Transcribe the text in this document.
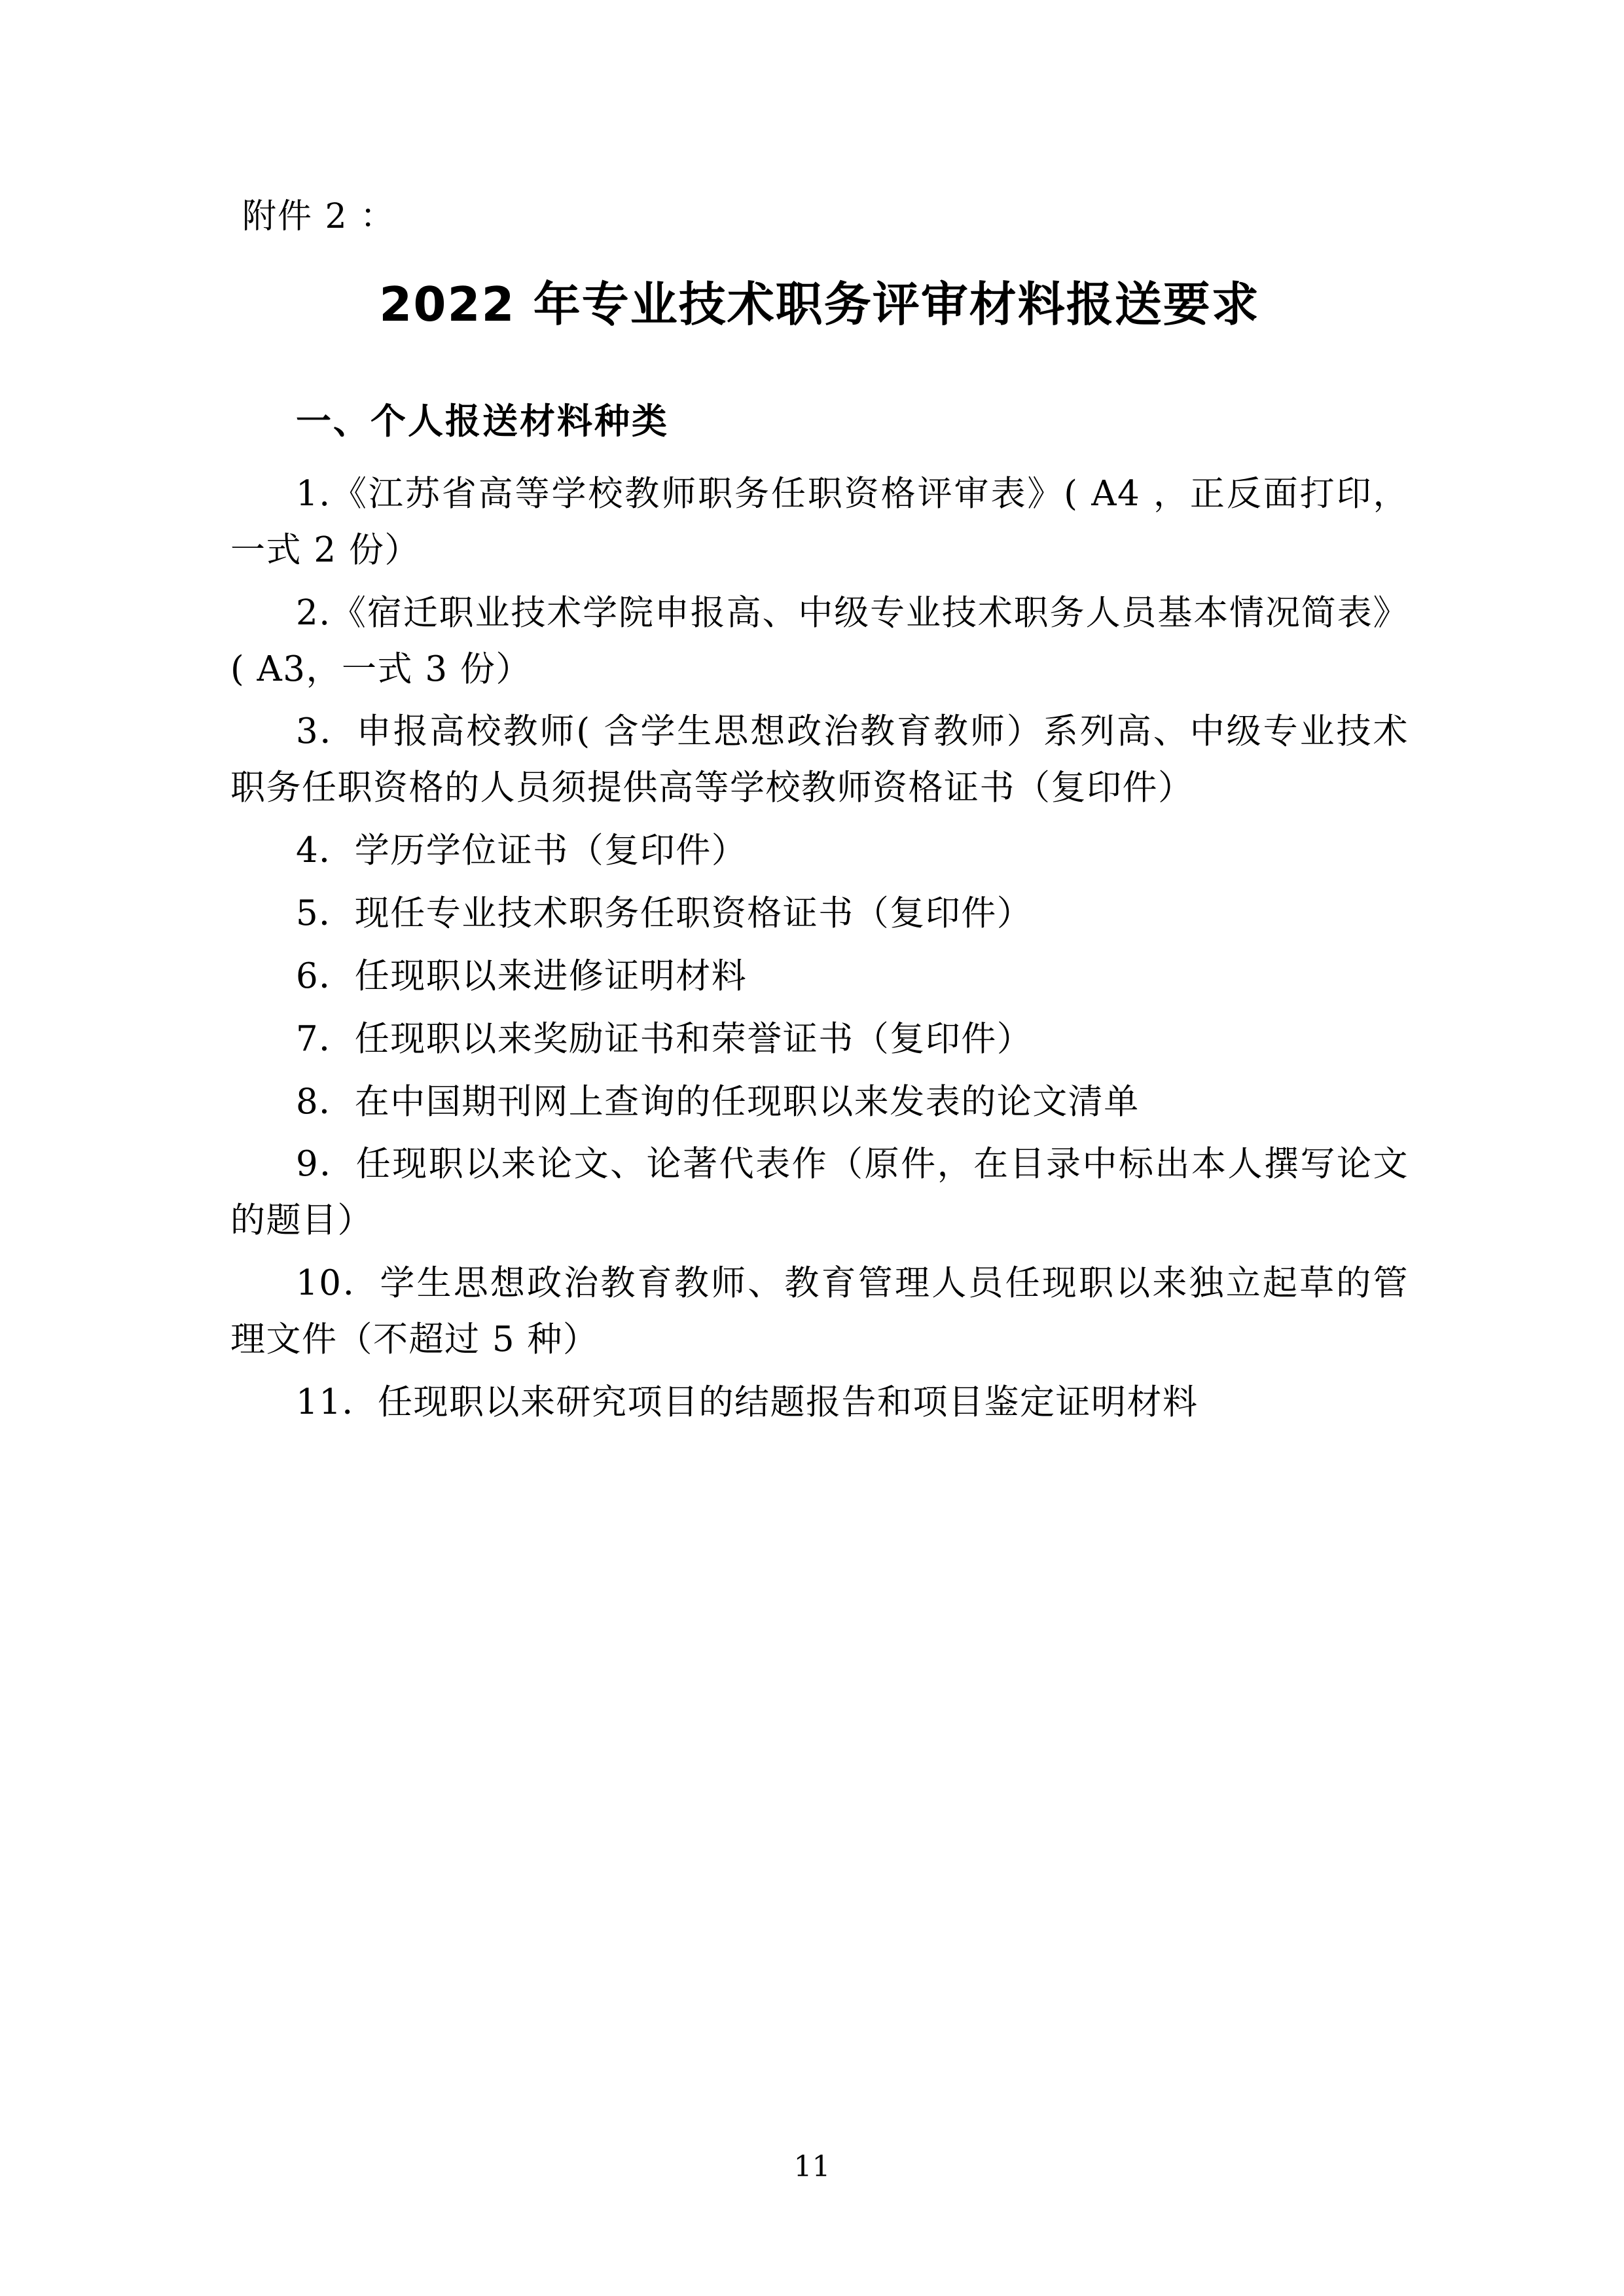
附件 2 ：

2022 年专业技术职务评审材料报送要求
一、个人报送材料种类

1.《江苏省高等学校教师职务任职资格评审表》( A4 ，正反面打印，一式 2 份）

2.《宿迁职业技术学院申报高、中级专业技术职务人员基本情况简表》( A3，一式 3 份）

3．申报高校教师( 含学生思想政治教育教师）系列高、中级专业技术职务任职资格的人员须提供高等学校教师资格证书（复印件）

4．学历学位证书（复印件）

5．现任专业技术职务任职资格证书（复印件）

6．任现职以来进修证明材料

7．任现职以来奖励证书和荣誉证书（复印件）

8．在中国期刊网上查询的任现职以来发表的论文清单

9．任现职以来论文、论著代表作（原件，在目录中标出本人撰写论文的题目）

10．学生思想政治教育教师、教育管理人员任现职以来独立起草的管理文件（不超过 5 种）

11．任现职以来研究项目的结题报告和项目鉴定证明材料

11
